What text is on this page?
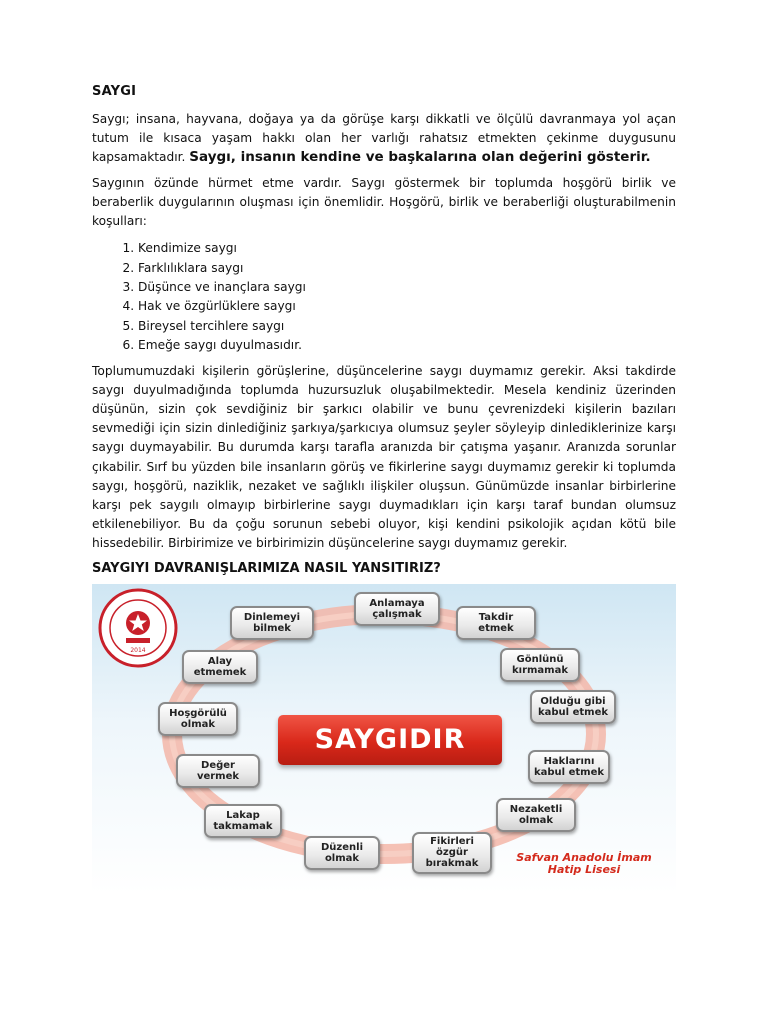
SAYGI

Saygı; insana, hayvana, doğaya ya da görüşe karşı dikkatli ve ölçülü davranmaya yol açan tutum ile kısaca yaşam hakkı olan her varlığı rahatsız etmekten çekinme duygusunu kapsamaktadır. Saygı, insanın kendine ve başkalarına olan değerini gösterir.

Saygının özünde hürmet etme vardır. Saygı göstermek bir toplumda hoşgörü birlik ve beraberlik duygularının oluşması için önemlidir. Hoşgörü, birlik ve beraberliği oluşturabilmenin koşulları:

1. Kendimize saygı
2. Farklılıklara saygı
3. Düşünce ve inançlara saygı
4. Hak ve özgürlüklere saygı
5. Bireysel tercihlere saygı
6. Emeğe saygı duyulmasıdır.

Toplumumuzdaki kişilerin görüşlerine, düşüncelerine saygı duymamız gerekir. Aksi takdirde saygı duyulmadığında toplumda huzursuzluk oluşabilmektedir. Mesela kendiniz üzerinden düşünün, sizin çok sevdiğiniz bir şarkıcı olabilir ve bunu çevrenizdeki kişilerin bazıları sevmediği için sizin dinlediğiniz şarkıya/şarkıcıya olumsuz şeyler söyleyip dinlediklerinize karşı saygı duymayabilir. Bu durumda karşı tarafla aranızda bir çatışma yaşanır. Aranızda sorunlar çıkabilir. Sırf bu yüzden bile insanların görüş ve fikirlerine saygı duymamız gerekir ki toplumda saygı, hoşgörü, naziklik, nezaket ve sağlıklı ilişkiler oluşsun. Günümüzde insanlar birbirlerine karşı pek saygılı olmayıp birbirlerine saygı duymadıkları için karşı taraf bundan olumsuz etkilenebiliyor. Bu da çoğu sorunun sebebi oluyor, kişi kendini psikolojik açıdan kötü bile hissedebilir. Birbirimize ve birbirimizin düşüncelerine saygı duymamız gerekir.

SAYGIYI DAVRANIŞLARIMIZA NASIL YANSITIRIZ?
2014
SAYGIDIR
Anlamaya
çalışmak	Takdir etmek
Gönlünü
kırmamak
Olduğu gibi
kabul etmek
Haklarını
kabul etmek
Nezaketli
olmak
Fikirleri
özgür
bırakmak
Düzenli
olmak
Lakap
takmamak
Değer vermek
Hoşgörülü
olmak
Alay
etmemek
Dinlemeyi
bilmek
Safvan Anadolu İmam
Hatip Lisesi
